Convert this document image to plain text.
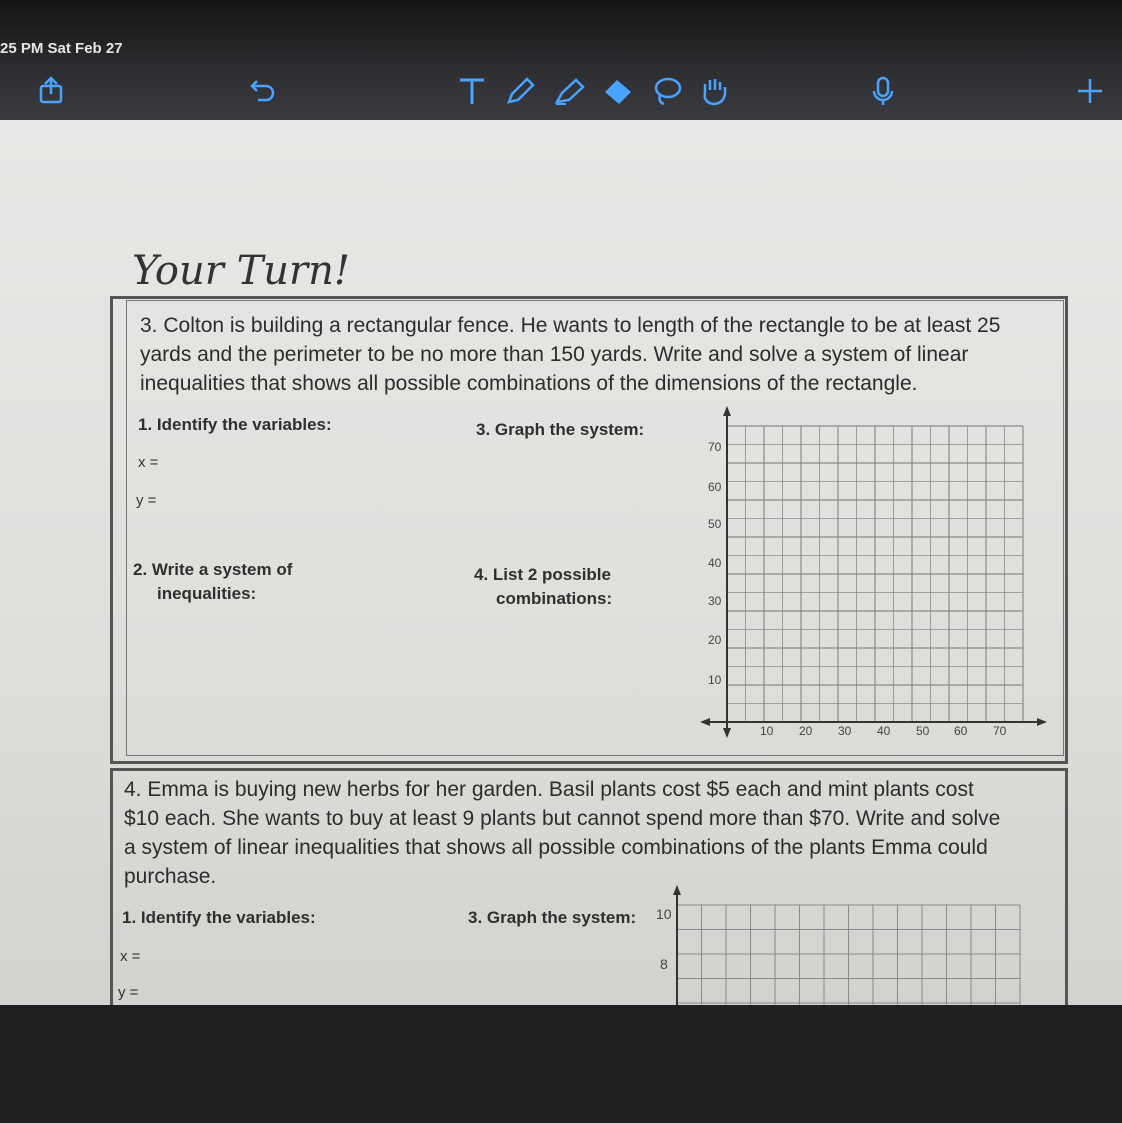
25 PM Sat Feb 27
Your Turn!
3. Colton is building a rectangular fence. He wants to length of the rectangle to be at least 25
yards and the perimeter to be no more than 150 yards. Write and solve a system of linear
inequalities that shows all possible combinations of the dimensions of the rectangle.
1. Identify the variables:
x =
y =
2. Write a system of
inequalities:
3. Graph the system:
4. List 2 possible
combinations:
70
60
50
40
30
20
10
10 20 30 40 50 60 70
4. Emma is buying new herbs for her garden. Basil plants cost $5 each and mint plants cost
$10 each. She wants to buy at least 9 plants but cannot spend more than $70. Write and solve
a system of linear inequalities that shows all possible combinations of the plants Emma could
purchase.
1. Identify the variables:
x =
y =
3. Graph the system: 10
8
